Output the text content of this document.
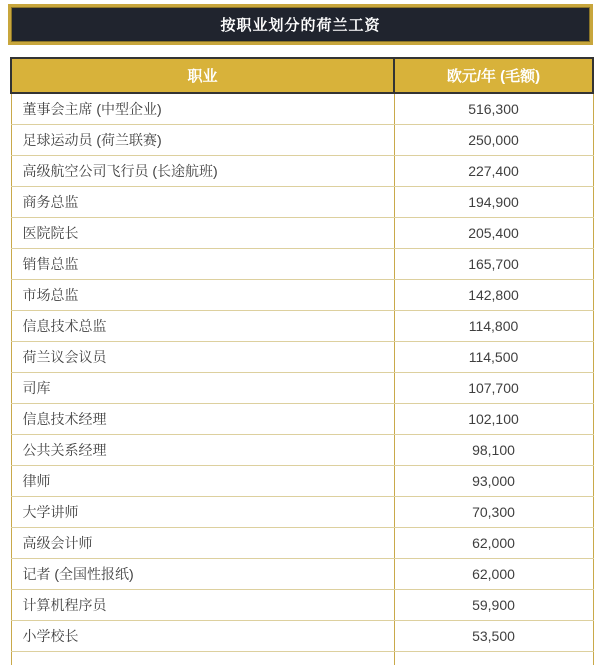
按职业划分的荷兰工资
职业	欧元/年 (毛额)
董事会主席 (中型企业)	516,300
足球运动员 (荷兰联赛)	250,000
高级航空公司飞行员 (长途航班)	227,400
商务总监	194,900
医院院长	205,400
销售总监	165,700
市场总监	142,800
信息技术总监	114,800
荷兰议会议员	114,500
司库	107,700
信息技术经理	102,100
公共关系经理	98,100
律师	93,000
大学讲师	70,300
高级会计师	62,000
记者 (全国性报纸)	62,000
计算机程序员	59,900
小学校长	53,500
